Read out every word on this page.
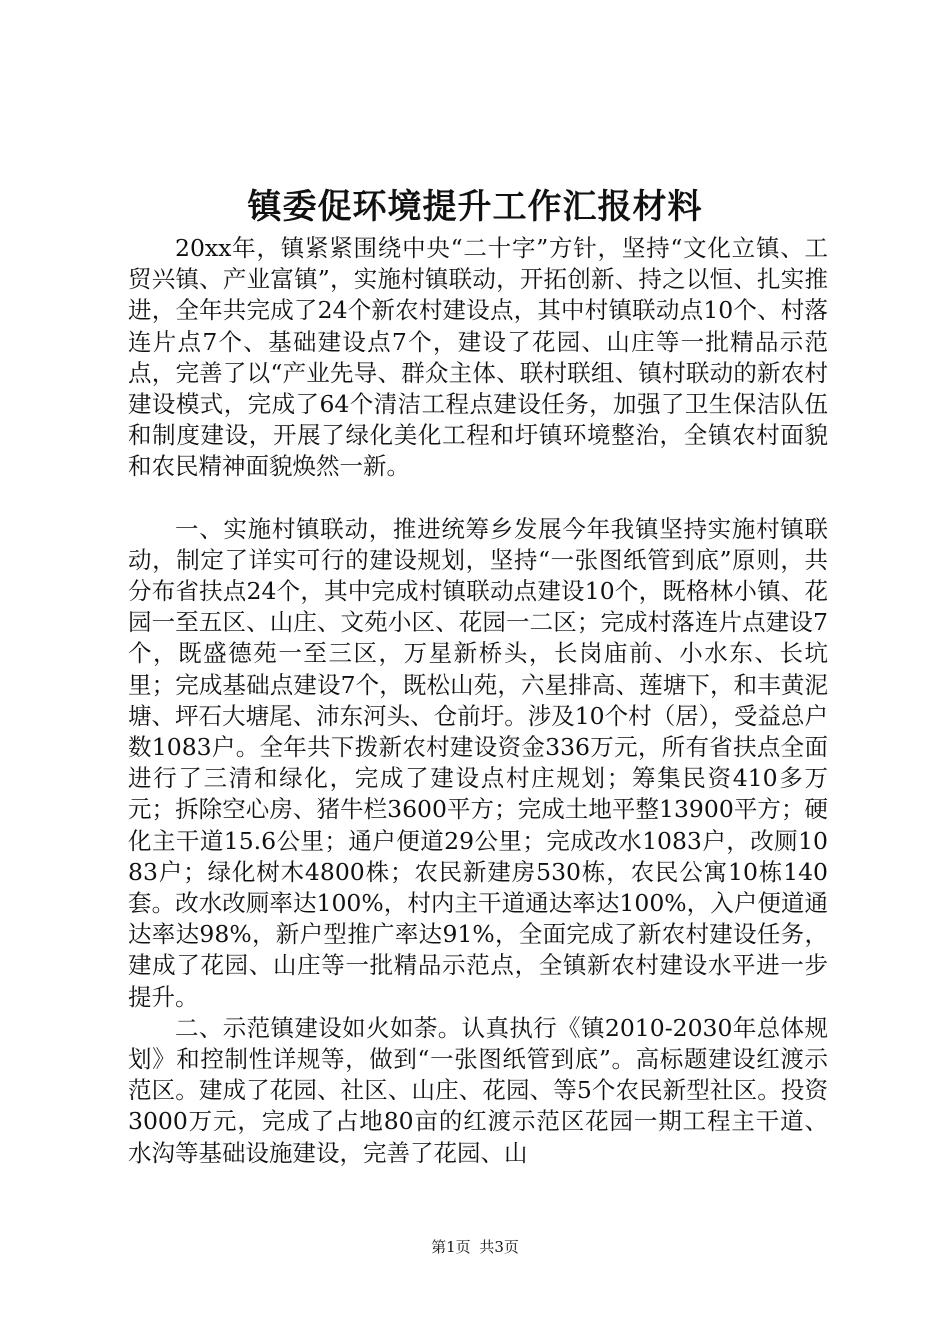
镇委促环境提升工作汇报材料

20xx年，镇紧紧围绕中央“二十字”方针，坚持“文化立镇、工贸兴镇、产业富镇”，实施村镇联动，开拓创新、持之以恒、扎实推进，全年共完成了24个新农村建设点，其中村镇联动点10个、村落连片点7个、基础建设点7个，建设了花园、山庄等一批精品示范点，完善了以“产业先导、群众主体、联村联组、镇村联动的新农村建设模式，完成了64个清洁工程点建设任务，加强了卫生保洁队伍和制度建设，开展了绿化美化工程和圩镇环境整治，全镇农村面貌和农民精神面貌焕然一新。

一、实施村镇联动，推进统筹乡发展今年我镇坚持实施村镇联动，制定了详实可行的建设规划，坚持“一张图纸管到底”原则，共分布省扶点24个，其中完成村镇联动点建设10个，既格林小镇、花园一至五区、山庄、文苑小区、花园一二区；完成村落连片点建设7个，既盛德苑一至三区，万星新桥头，长岗庙前、小水东、长坑里；完成基础点建设7个，既松山苑，六星排高、莲塘下，和丰黄泥塘、坪石大塘尾、沛东河头、仓前圩。涉及10个村（居），受益总户数1083户。全年共下拨新农村建设资金336万元，所有省扶点全面进行了三清和绿化，完成了建设点村庄规划；筹集民资410多万元；拆除空心房、猪牛栏3600平方；完成土地平整13900平方；硬化主干道15.6公里；通户便道29公里；完成改水1083户，改厕1083户；绿化树木4800株；农民新建房530栋，农民公寓10栋140套。改水改厕率达100%，村内主干道通达率达100%，入户便道通达率达98%，新户型推广率达91%，全面完成了新农村建设任务，建成了花园、山庄等一批精品示范点，全镇新农村建设水平进一步提升。

二、示范镇建设如火如荼。认真执行《镇2010-2030年总体规划》和控制性详规等，做到“一张图纸管到底”。高标题建设红渡示范区。建成了花园、社区、山庄、花园、等5个农民新型社区。投资3000万元，完成了占地80亩的红渡示范区花园一期工程主干道、水沟等基础设施建设，完善了花园、山

第1页 共3页
